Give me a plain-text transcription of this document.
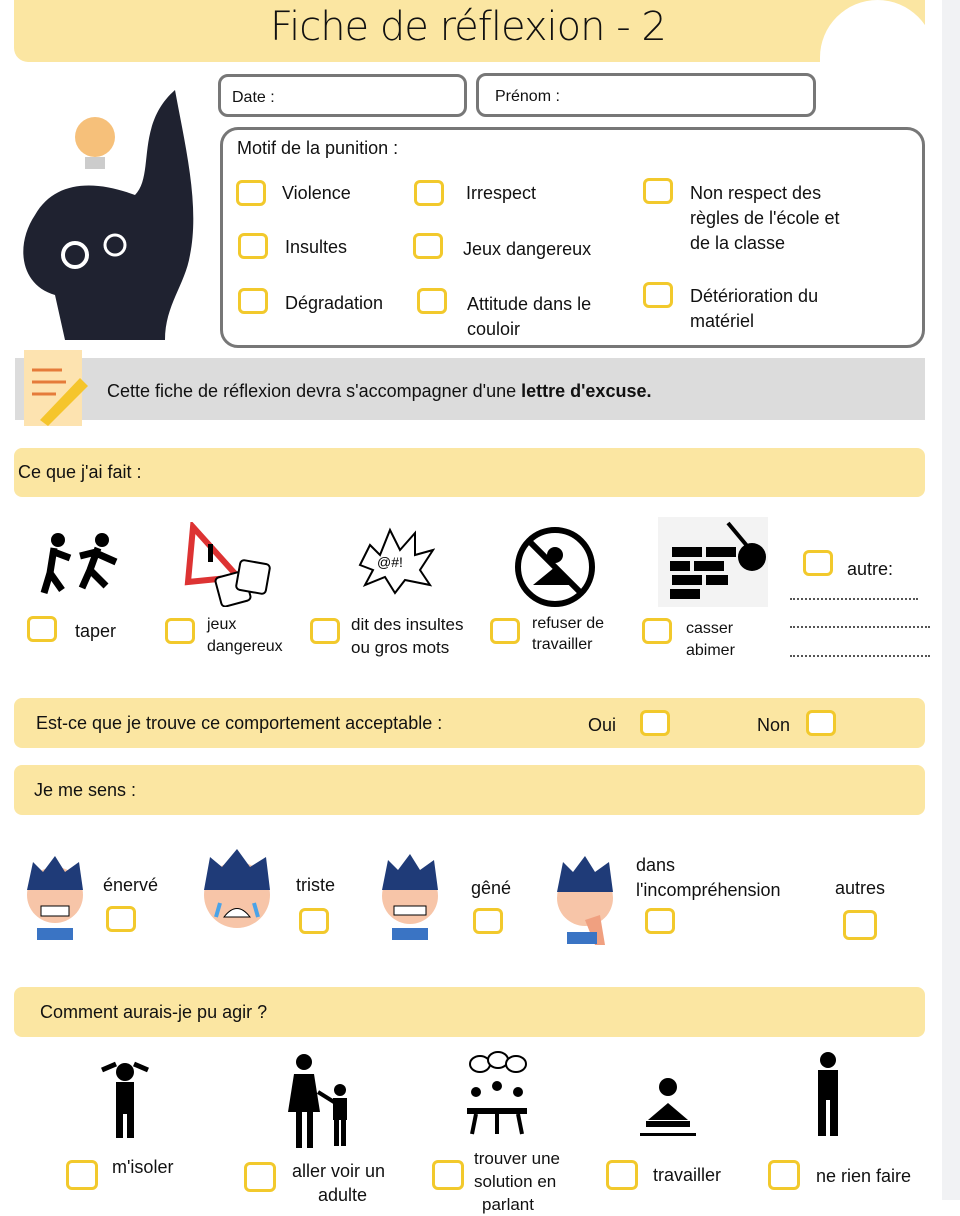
Fiche de réflexion - 2
Date :	Prénom :
Motif de la punition :
Violence	Irrespect	Non respect des
règles de l'école et
de la classe
Insultes	Jeux dangereux
Dégradation	Attitude dans le
couloir
Détérioration du
matériel
Cette fiche de réflexion devra s'accompagner d'une lettre d'excuse.
Ce que j'ai fait :
@#!	autre:
taper	jeux
dangereux
dit des insultes
ou gros mots
refuser de
travailler
casser
abimer
Est-ce que je trouve ce comportement acceptable :	Oui	Non
Je me sens :
énervé	triste	gêné
dans
l'incompréhension	autres
Comment aurais-je pu agir ?
m'isoler	aller voir un
adulte
trouver une
solution en
parlant
travailler	ne rien faire
